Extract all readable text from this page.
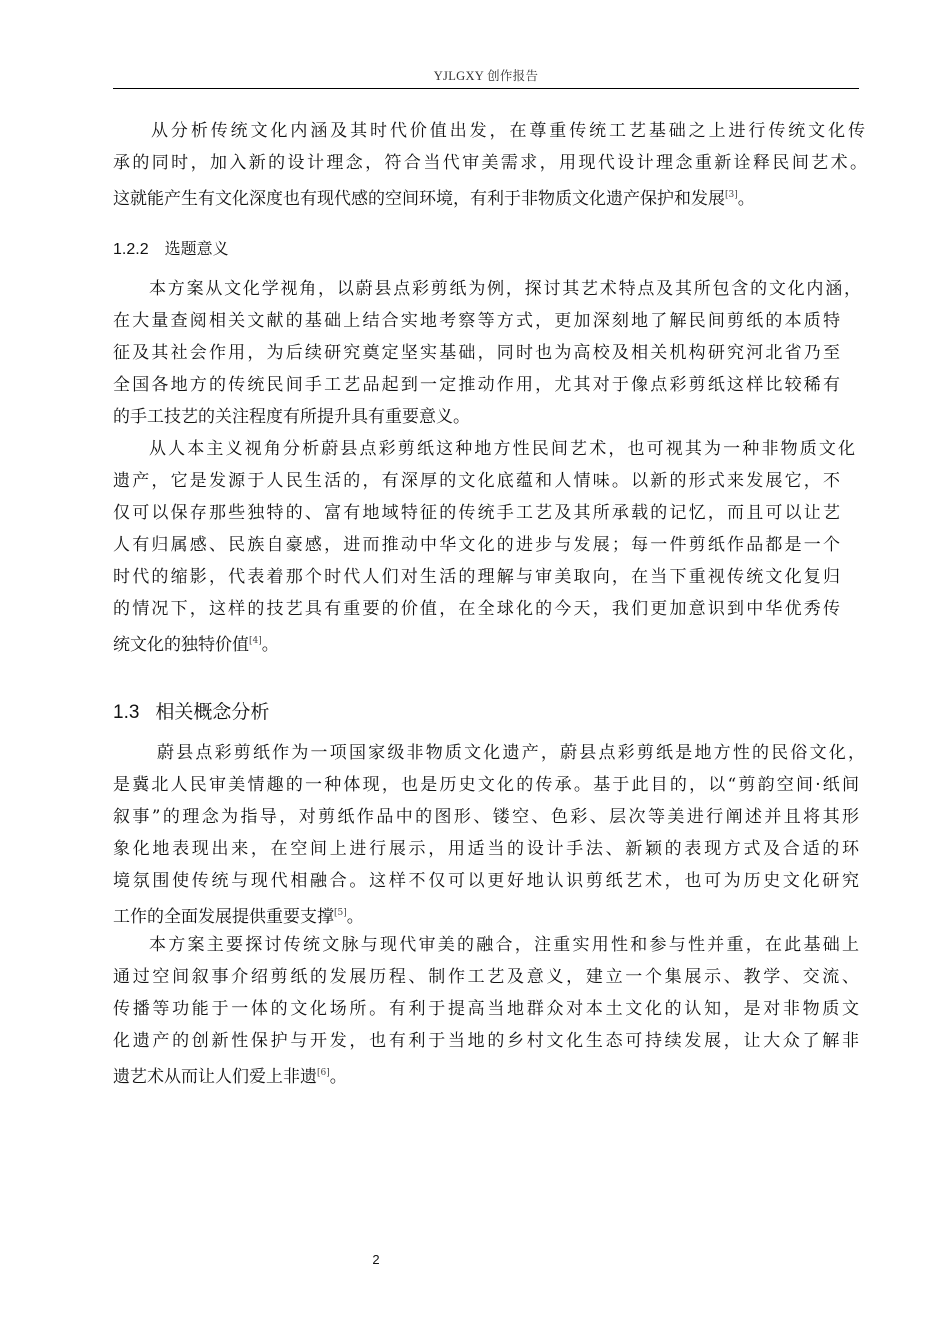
YJLGXY 创作报告
从分析传统文化内涵及其时代价值出发，在尊重传统工艺基础之上进行传统文化传
承的同时，加入新的设计理念，符合当代审美需求，用现代设计理念重新诠释民间艺术。
这就能产生有文化深度也有现代感的空间环境，有利于非物质文化遗产保护和发展[3]。
1.2.2 选题意义
本方案从文化学视角，以蔚县点彩剪纸为例，探讨其艺术特点及其所包含的文化内涵，
在大量查阅相关文献的基础上结合实地考察等方式，更加深刻地了解民间剪纸的本质特
征及其社会作用，为后续研究奠定坚实基础，同时也为高校及相关机构研究河北省乃至
全国各地方的传统民间手工艺品起到一定推动作用，尤其对于像点彩剪纸这样比较稀有
的手工技艺的关注程度有所提升具有重要意义。
从人本主义视角分析蔚县点彩剪纸这种地方性民间艺术，也可视其为一种非物质文化
遗产，它是发源于人民生活的，有深厚的文化底蕴和人情味。以新的形式来发展它，不
仅可以保存那些独特的、富有地域特征的传统手工艺及其所承载的记忆，而且可以让艺
人有归属感、民族自豪感，进而推动中华文化的进步与发展；每一件剪纸作品都是一个
时代的缩影，代表着那个时代人们对生活的理解与审美取向，在当下重视传统文化复归
的情况下，这样的技艺具有重要的价值，在全球化的今天，我们更加意识到中华优秀传
统文化的独特价值[4]。
1.3 相关概念分析
蔚县点彩剪纸作为一项国家级非物质文化遗产，蔚县点彩剪纸是地方性的民俗文化，
是冀北人民审美情趣的一种体现，也是历史文化的传承。基于此目的，以“剪韵空间·纸间
叙事”的理念为指导，对剪纸作品中的图形、镂空、色彩、层次等美进行阐述并且将其形
象化地表现出来，在空间上进行展示，用适当的设计手法、新颖的表现方式及合适的环
境氛围使传统与现代相融合。这样不仅可以更好地认识剪纸艺术，也可为历史文化研究
工作的全面发展提供重要支撑[5]。
本方案主要探讨传统文脉与现代审美的融合，注重实用性和参与性并重，在此基础上
通过空间叙事介绍剪纸的发展历程、制作工艺及意义，建立一个集展示、教学、交流、
传播等功能于一体的文化场所。有利于提高当地群众对本土文化的认知，是对非物质文
化遗产的创新性保护与开发，也有利于当地的乡村文化生态可持续发展，让大众了解非
遗艺术从而让人们爱上非遗[6]。
2
